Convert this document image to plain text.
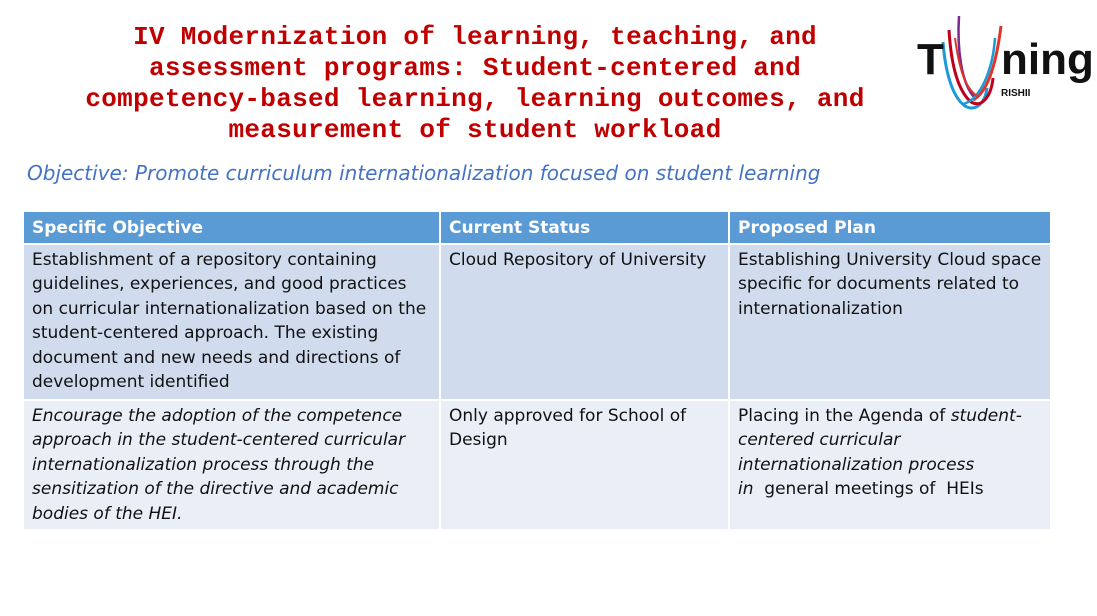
IV Modernization of learning, teaching, and
assessment programs: Student-centered and
competency-based learning, learning outcomes, and
measurement of student workload
T ning
RISHII
Objective: Promote curriculum internationalization focused on student learning
Specific Objective	Current Status	Proposed Plan
Establishment of a repository containing guidelines, experiences, and good practices on curricular internationalization based on the student-centered approach. The existing document and new needs and directions of development identified	Cloud Repository of University	Establishing University Cloud space specific for documents related to internationalization
Encourage the adoption of the competence approach in the student-centered curricular internationalization process through the sensitization of the directive and academic bodies of the HEI.	Only approved for School of Design	Placing in the Agenda of student-centered curricular internationalization process
in  general meetings of  HEIs
